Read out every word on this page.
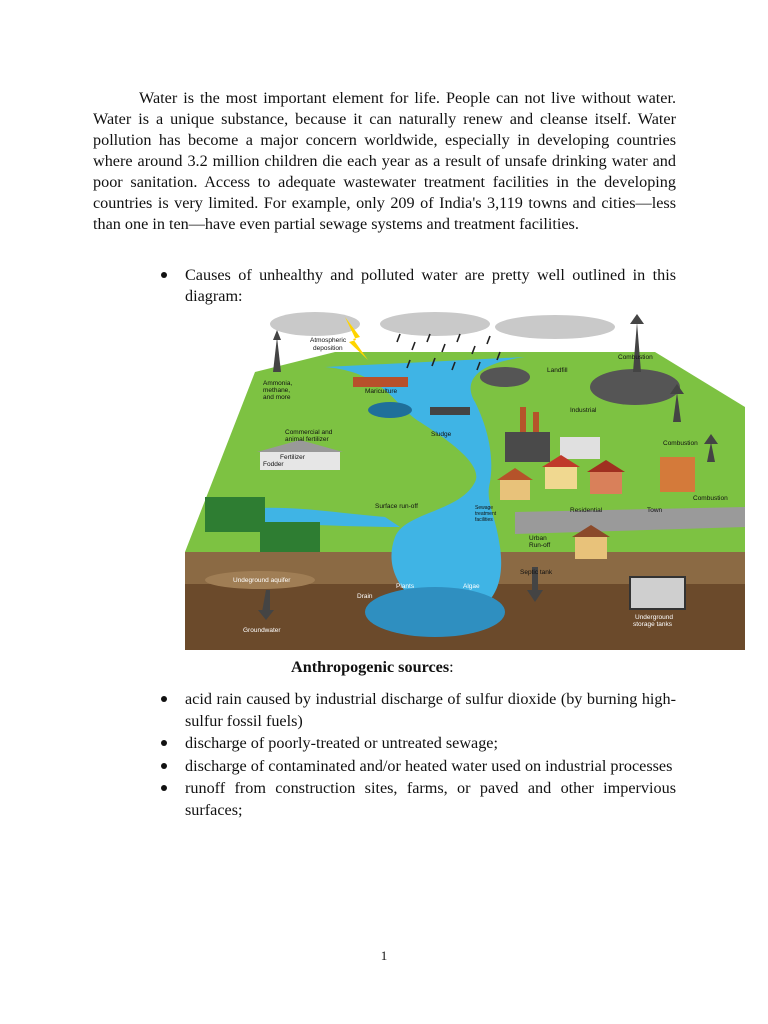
Water is the most important element for life. People can not live without water. Water is a unique substance, because it can naturally renew and cleanse itself. Water pollution has become a major concern worldwide, especially in developing countries where around 3.2 million children die each year as a result of unsafe drinking water and poor sanitation. Access to adequate wastewater treatment facilities in the developing countries is very limited. For example, only 209 of India's 3,119 towns and cities—less than one in ten—have even partial sewage systems and treatment facilities.

Causes of unhealthy and polluted water are pretty well outlined in this diagram:

Atmospheric
deposition
Combustion
Landfill
Ammonia,
methane,
and more
Mariculture
Industrial
Sludge
Commercial and
animal fertilizer
Fertilizer
Fodder
Combustion
Combustion
Surface run-off	Sewage
treatment
facilities
Residential	Town
Urban
Run-off
Septic tank
Undeground aquifer
Plants	Algae
Drain
Groundwater
Underground
storage tanks
Anthropogenic sources:
acid rain caused by industrial discharge of sulfur dioxide (by burning high-sulfur fossil fuels)
discharge of poorly-treated or untreated sewage;
discharge of contaminated and/or heated water used on industrial processes
runoff from construction sites, farms, or paved and other impervious surfaces;
1
